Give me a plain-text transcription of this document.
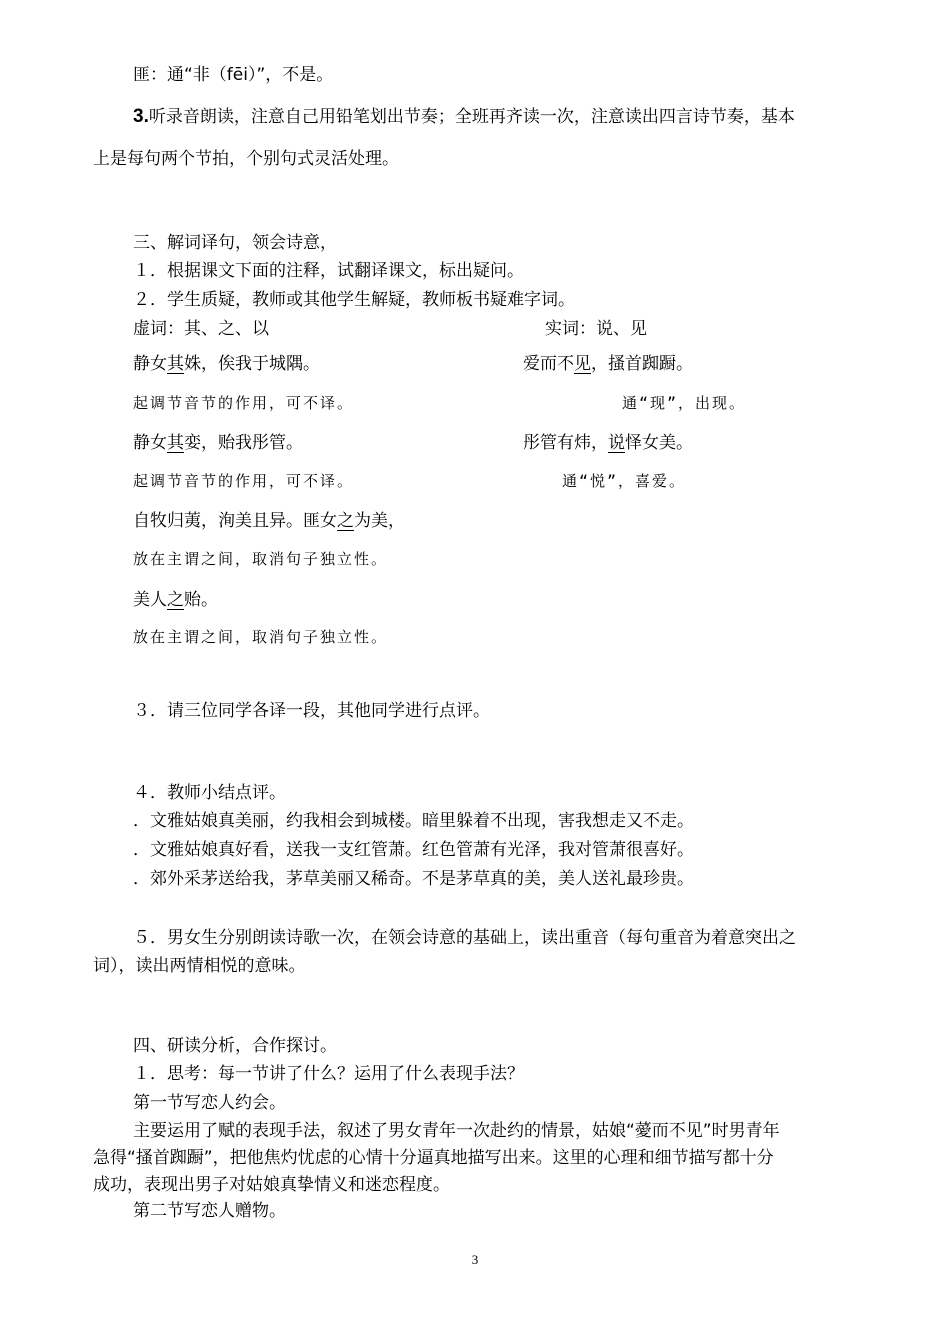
匪：通“非（fēi）”，不是。
3.听录音朗读，注意自己用铅笔划出节奏；全班再齐读一次，注意读出四言诗节奏，基本
上是每句两个节拍，个别句式灵活处理。
三、解词译句，领会诗意，
１．根据课文下面的注释，试翻译课文，标出疑问。
２．学生质疑，教师或其他学生解疑，教师板书疑难字词。
虚词：其、之、以	实词：说、见
静女其姝，俟我于城隅。	爱而不见，搔首踟蹰。
起调节音节的作用，可不译。	通“现”，出现。
静女其娈，贻我彤管。	彤管有炜，说怿女美。
起调节音节的作用，可不译。	通“悦”，喜爱。
自牧归荑，洵美且异。匪女之为美，
放在主谓之间，取消句子独立性。
美人之贻。
放在主谓之间，取消句子独立性。
３．请三位同学各译一段，其他同学进行点评。
４．教师小结点评。
．文雅姑娘真美丽，约我相会到城楼。暗里躲着不出现，害我想走又不走。
．文雅姑娘真好看，送我一支红管萧。红色管萧有光泽，我对管萧很喜好。
．郊外采茅送给我，茅草美丽又稀奇。不是茅草真的美，美人送礼最珍贵。
５．男女生分别朗读诗歌一次，在领会诗意的基础上，读出重音（每句重音为着意突出之
词），读出两情相悦的意味。
四、研读分析，合作探讨。
１．思考：每一节讲了什么？运用了什么表现手法？
第一节写恋人约会。
主要运用了赋的表现手法，叙述了男女青年一次赴约的情景，姑娘“薆而不见”时男青年
急得“搔首踟蹰”，把他焦灼忧虑的心情十分逼真地描写出来。这里的心理和细节描写都十分
成功，表现出男子对姑娘真挚情义和迷恋程度。
第二节写恋人赠物。
3
